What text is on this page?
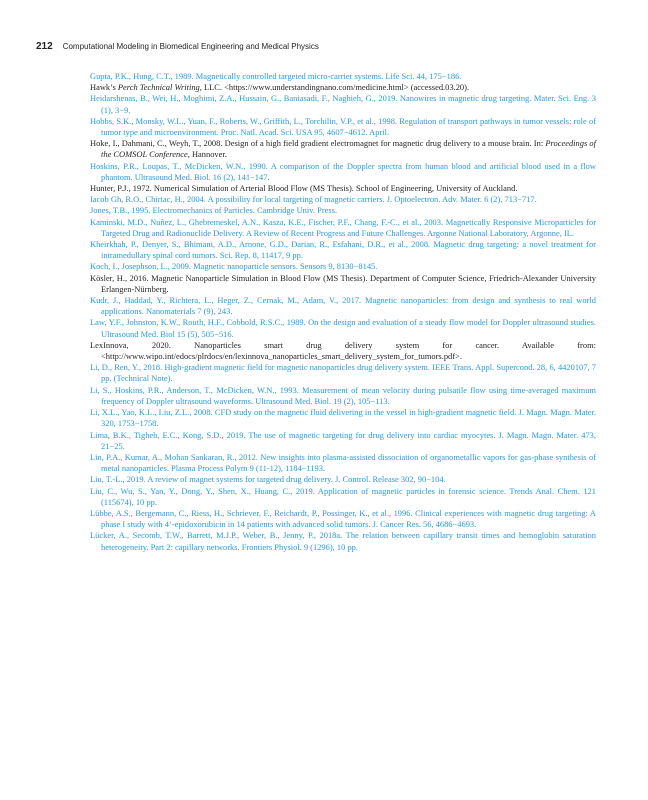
212 Computational Modeling in Biomedical Engineering and Medical Physics
Gupta, P.K., Hung, C.T., 1989. Magnetically controlled targeted micro-carrier systems. Life Sci. 44, 175−186.
Hawk’s Perch Technical Writing, LLC. <https://www.understandingnano.com/medicine.html> (accessed.03.20).
Heidarshenas, B., Wei, H., Moghimi, Z.A., Hussain, G., Baniasadi, F., Naghieh, G., 2019. Nanowires in magnetic drug targeting. Mater. Sci. Eng. 3 (1), 3−9.
Hobbs, S.K., Monsky, W.L., Yuan, F., Roberts, W., Griffith, L., Torchilin, V.P., et al., 1998. Regulation of transport pathways in tumor vessels: role of tumor type and microenvironment. Proc. Natl. Acad. Sci. USA 95, 4607−4612. April.
Hoke, I., Dahmani, C., Weyh, T., 2008. Design of a high field gradient electromagnet for magnetic drug delivery to a mouse brain. In: Proceedings of the COMSOL Conference, Hannover.
Hoskins, P.R., Loupas, T., McDicken, W.N., 1990. A comparison of the Doppler spectra from human blood and artificial blood used in a flow phantom. Ultrasound Med. Biol. 16 (2), 141−147.
Hunter, P.J., 1972. Numerical Simulation of Arterial Blood Flow (MS Thesis). School of Engineering, University of Auckland.
Iacob Gh, R.O., Chiriac, H., 2004. A possibility for local targeting of magnetic carriers. J. Optoelectron. Adv. Mater. 6 (2), 713−717.
Jones, T.B., 1995. Electromechanics of Particles. Cambridge Univ. Press.
Kaminski, M.D., Nuñez, L., Ghebremeskel, A.N., Kasza, K.E., Fischer, P.F., Chang, F.-C., et al., 2003. Magnetically Responsive Microparticles for Targeted Drug and Radionuclide Delivery. A Review of Recent Progress and Future Challenges. Argonne National Laboratory, Argonne, IL.
Kheirkhah, P., Denyer, S., Bhimani, A.D., Arnone, G.D., Darian, R., Esfahani, D.R., et al., 2008. Magnetic drug targeting: a novel treatment for intramedullary spinal cord tumors. Sci. Rep. 8, 11417, 9 pp.
Koch, I., Josephson, L., 2009. Magnetic nanoparticle sensors. Sensors 9, 8130−8145.
Kösler, H., 2016. Magnetic Nanoparticle Simulation in Blood Flow (MS Thesis). Department of Computer Science, Friedrich-Alexander University Erlangen-Nürnberg.
Kudr, J., Haddad, Y., Richtera, L., Heger, Z., Cernak, M., Adam, V., 2017. Magnetic nanoparticles: from design and synthesis to real world applications. Nanomaterials 7 (9), 243.
Law, Y.F., Johnston, K.W., Routh, H.F., Cobbold, R.S.C., 1989. On the design and evaluation of a steady flow model for Doppler ultrasound studies. Ultrasound Med. Biol 15 (5), 505−516.
LexInnova, 2020. Nanoparticles smart drug delivery system for cancer. Available from: <http://www.wipo.int/edocs/plrdocs/en/lexinnova_nanoparticles_smart_delivery_system_for_tumors.pdf>.
Li, D., Ren, Y., 2018. High-gradient magnetic field for magnetic nanoparticles drug delivery system. IEEE Trans. Appl. Supercond. 28, 6, 4420107, 7 pp. (Technical Note).
Li, S., Hoskins, P.R., Anderson, T., McDicken, W.N., 1993. Measurement of mean velocity during pulsatile flow using time-averaged maximum frequency of Doppler ultrasound waveforms. Ultrasound Med. Biol. 19 (2), 105−113.
Li, X.L., Yao, K.L., Liu, Z.L., 2008. CFD study on the magnetic fluid delivering in the vessel in high-gradient magnetic field. J. Magn. Magn. Mater. 320, 1753−1758.
Lima, B.K., Tigheb, E.C., Kong, S.D., 2019. The use of magnetic targeting for drug delivery into cardiac myocytes. J. Magn. Magn. Mater. 473, 21−25.
Lin, P.A., Kumar, A., Mohan Sankaran, R., 2012. New insights into plasma-assisted dissociation of organometallic vapors for gas-phase synthesis of metal nanoparticles. Plasma Process Polym 9 (11-12), 1184−1193.
Liu, T.-L., 2019. A review of magnet systems for targeted drug delivery. J. Control. Release 302, 90−104.
Liu, C., Wu, S., Yan, Y., Dong, Y., Shen, X., Huang, C., 2019. Application of magnetic particles in forensic science. Trends Anal. Chem. 121 (115674), 10 pp.
Lübbe, A.S., Bergemann, C., Riess, H., Schriever, F., Reichardt, P., Possinger, K., et al., 1996. Clinical experiences with magnetic drug targeting: A phase I study with 4’-epidoxorubicin in 14 patients with advanced solid tumors. J. Cancer Res. 56, 4686−4693.
Lücker, A., Secomb, T.W., Barrett, M.J.P., Weber, B., Jenny, P., 2018a. The relation between capillary transit times and hemoglobin saturation heterogeneity. Part 2: capillary networks. Frontiers Physiol. 9 (1296), 10 pp.
